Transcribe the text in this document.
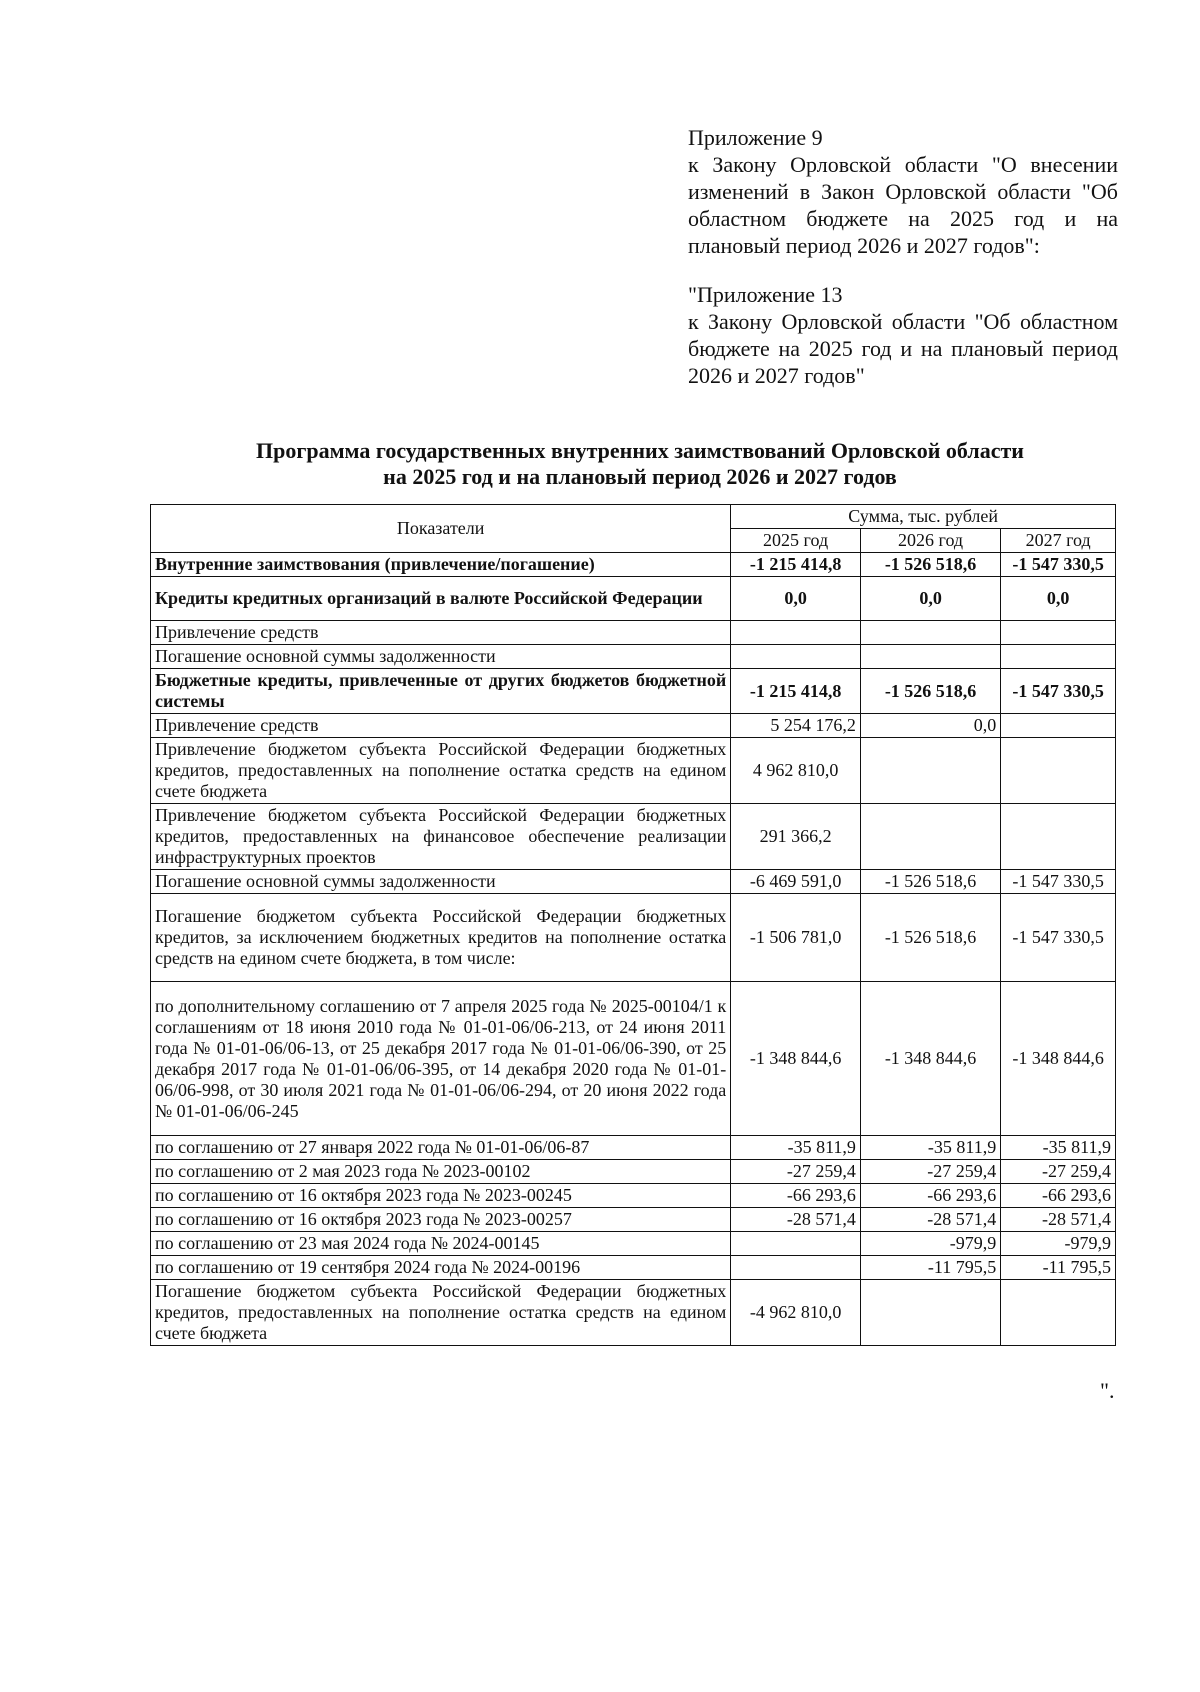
Приложение 9

к Закону Орловской области "О внесении изменений в Закон Орловской области "Об областном бюджете на 2025 год и на плановый период 2026 и 2027 годов":

"Приложение 13

к Закону Орловской области "Об областном бюджете на 2025 год и на плановый период 2026 и 2027 годов"

Программа государственных внутренних заимствований Орловской области
на 2025 год и на плановый период 2026 и 2027 годов
Показатели	Сумма, тыс. рублей		
	2025 год	2026 год	2027 год
Внутренние заимствования (привлечение/погашение)	-1 215 414,8	-1 526 518,6	-1 547 330,5
Кредиты кредитных организаций в валюте Российской Федерации	0,0	0,0	0,0
Привлечение средств			
Погашение основной суммы задолженности			
Бюджетные кредиты, привлеченные от других бюджетов бюджетной системы	-1 215 414,8	-1 526 518,6	-1 547 330,5
Привлечение средств	5 254 176,2	0,0	
Привлечение бюджетом субъекта Российской Федерации бюджетных кредитов, предоставленных на пополнение остатка средств на едином счете бюджета	4 962 810,0		
Привлечение бюджетом субъекта Российской Федерации бюджетных кредитов, предоставленных на финансовое обеспечение реализации инфраструктурных проектов	291 366,2		
Погашение основной суммы задолженности	-6 469 591,0	-1 526 518,6	-1 547 330,5
Погашение бюджетом субъекта Российской Федерации бюджетных кредитов, за исключением бюджетных кредитов на пополнение остатка средств на едином счете бюджета, в том числе:	-1 506 781,0	-1 526 518,6	-1 547 330,5
по дополнительному соглашению от 7 апреля 2025 года № 2025-00104/1 к соглашениям от 18 июня 2010 года № 01-01-06/06-213, от 24 июня 2011 года № 01-01-06/06-13, от 25 декабря 2017 года № 01-01-06/06-390, от 25 декабря 2017 года № 01-01-06/06-395, от 14 декабря 2020 года № 01-01-06/06-998, от 30 июля 2021 года № 01-01-06/06-294, от 20 июня 2022 года № 01-01-06/06-245	-1 348 844,6	-1 348 844,6	-1 348 844,6
по соглашению от 27 января 2022 года № 01-01-06/06-87	-35 811,9	-35 811,9	-35 811,9
по соглашению от 2 мая 2023 года № 2023-00102	-27 259,4	-27 259,4	-27 259,4
по соглашению от 16 октября 2023 года № 2023-00245	-66 293,6	-66 293,6	-66 293,6
по соглашению от 16 октября 2023 года № 2023-00257	-28 571,4	-28 571,4	-28 571,4
по соглашению от 23 мая 2024 года № 2024-00145		-979,9	-979,9
по соглашению от 19 сентября 2024 года № 2024-00196		-11 795,5	-11 795,5
Погашение бюджетом субъекта Российской Федерации бюджетных кредитов, предоставленных на пополнение остатка средств на едином счете бюджета	-4 962 810,0		
".
